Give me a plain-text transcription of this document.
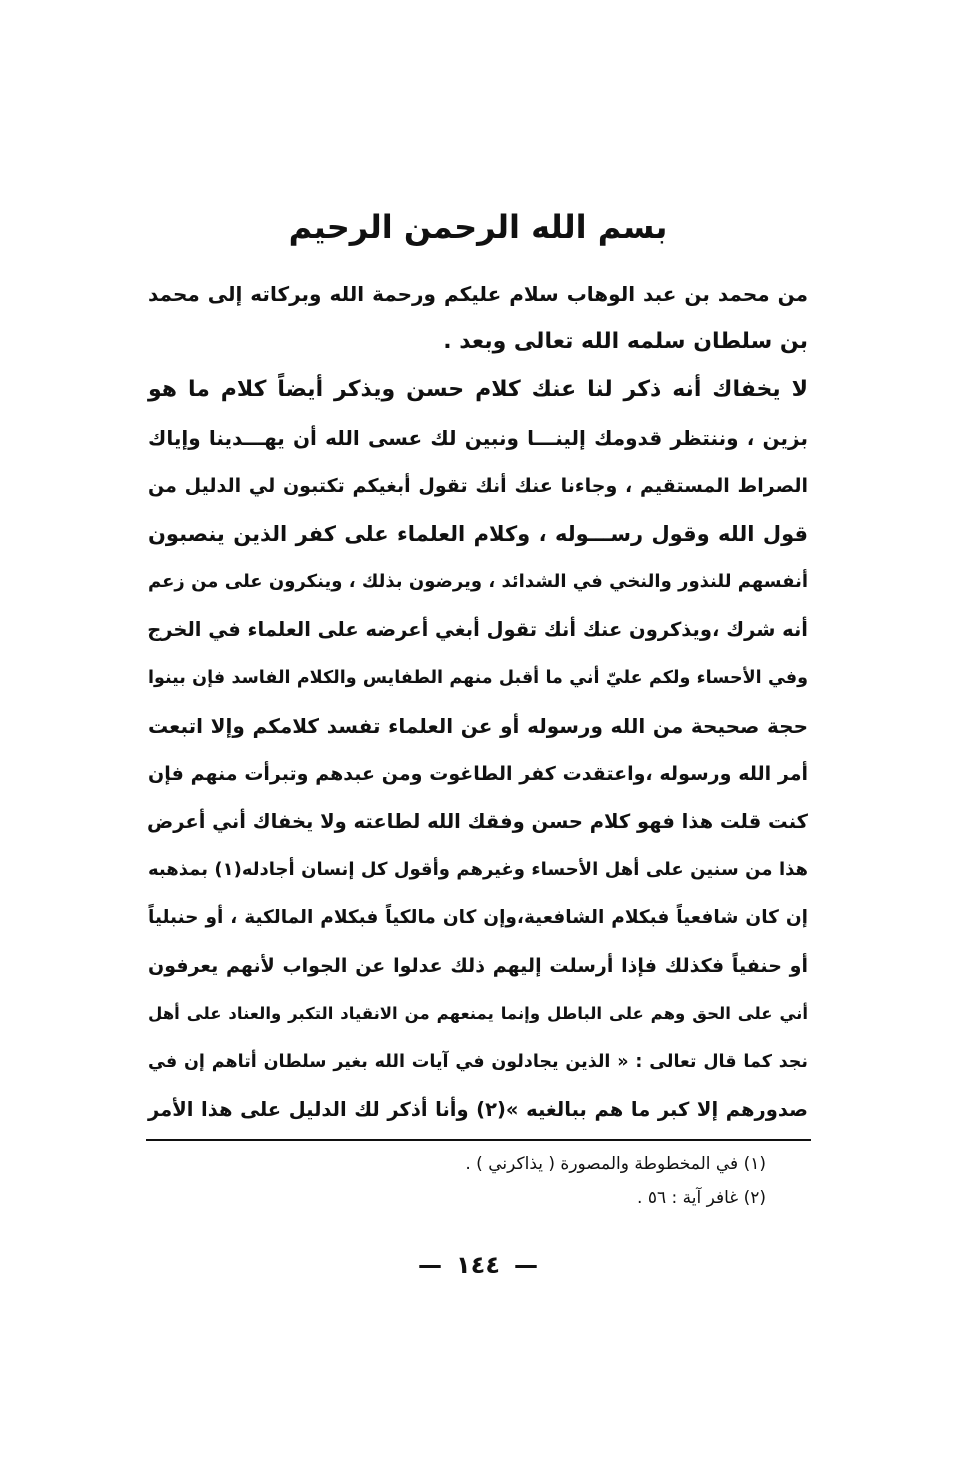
بسم الله الرحمن الرحيم
من محمد بن عبد الوهاب سلام عليكم ورحمة الله وبركاته إلى محمد
بن سلطان سلمه الله تعالى وبعد .
لا يخفاك أنه ذكر لنا عنك كلام حسن ويذكر أيضاً كلام ما هو
بزين ، وننتظر قدومك إلينـــا ونبين لك عسى الله أن يهـــدينا وإياك
الصراط المستقيم ، وجاءنا عنك أنك تقول أبغيكم تكتبون لي الدليل من
قول الله وقول رســـوله ، وكلام العلماء على كفر الذين ينصبون
أنفسهم للنذور والنخي في الشدائد ، ويرضون بذلك ، وينكرون على من زعم
أنه شرك ،ويذكرون عنك أنك تقول أبغي أعرضه على العلماء في الخرج
وفي الأحساء ولكم عليّ أني ما أقبل منهم الطفايس والكلام الفاسد فإن بينوا
حجة صحيحة من الله ورسوله أو عن العلماء تفسد كلامكم وإلا اتبعت
أمر الله ورسوله ،واعتقدت كفر الطاغوت ومن عبدهم وتبرأت منهم فإن
كنت قلت هذا فهو كلام حسن وفقك الله لطاعته ولا يخفاك أني أعرض
هذا من سنين على أهل الأحساء وغيرهم وأقول كل إنسان أجادله(١) بمذهبه
إن كان شافعياً فبكلام الشافعية،وإن كان مالكياً فبكلام المالكية ، أو حنبلياً
أو حنفياً فكذلك فإذا أرسلت إليهم ذلك عدلوا عن الجواب لأنهم يعرفون
أني على الحق وهم على الباطل وإنما يمنعهم من الانقياد التكبر والعناد على أهل
نجد كما قال تعالى : « الذين يجادلون في آيات الله بغير سلطان أتاهم إن في
صدورهم إلا كبر ما هم ببالغيه »(٢) وأنا أذكر لك الدليل على هذا الأمر
(١) في المخطوطة والمصورة ( يذاكرني ) .
(٢) غافر آية : ٥٦ .
— ١٤٤ —
